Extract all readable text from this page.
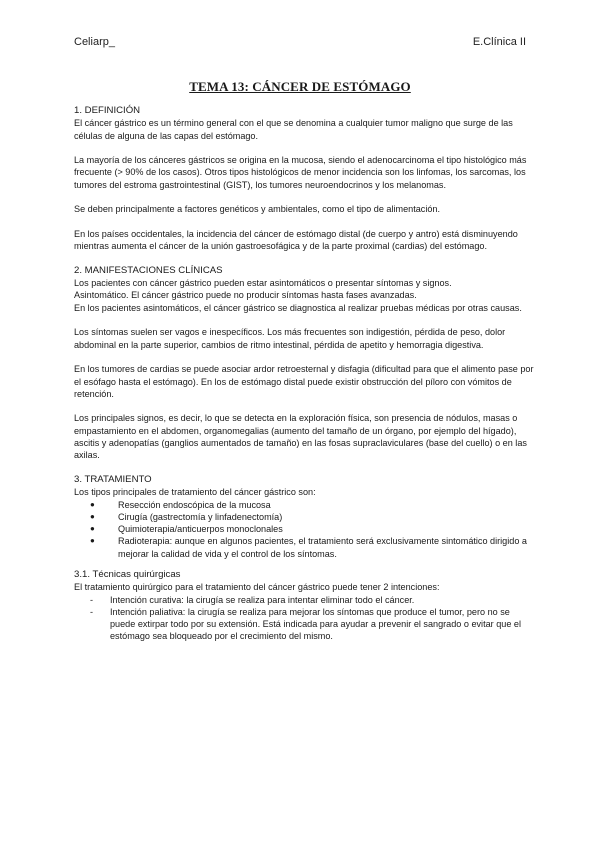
Celiarp_	E.Clínica II
TEMA 13: CÁNCER DE ESTÓMAGO
1. DEFINICIÓN

El cáncer gástrico es un término general con el que se denomina a cualquier tumor maligno que surge de las células de alguna de las capas del estómago.

La mayoría de los cánceres gástricos se origina en la mucosa, siendo el adenocarcinoma el tipo histológico más frecuente (> 90% de los casos). Otros tipos histológicos de menor incidencia son los linfomas, los sarcomas, los tumores del estroma gastrointestinal (GIST), los tumores neuroendocrinos y los melanomas.

Se deben principalmente a factores genéticos y ambientales, como el tipo de alimentación.

En los países occidentales, la incidencia del cáncer de estómago distal (de cuerpo y antro) está disminuyendo mientras aumenta el cáncer de la unión gastroesofágica y de la parte proximal (cardias) del estómago.

2. MANIFESTACIONES CLÍNICAS

Los pacientes con cáncer gástrico pueden estar asintomáticos o presentar síntomas y signos.

Asintomático. El cáncer gástrico puede no producir síntomas hasta fases avanzadas.

En los pacientes asintomáticos, el cáncer gástrico se diagnostica al realizar pruebas médicas por otras causas.

Los síntomas suelen ser vagos e inespecíficos. Los más frecuentes son indigestión, pérdida de peso, dolor abdominal en la parte superior, cambios de ritmo intestinal, pérdida de apetito y hemorragia digestiva.

En los tumores de cardias se puede asociar ardor retroesternal y disfagia (dificultad para que el alimento pase por el esófago hasta el estómago). En los de estómago distal puede existir obstrucción del píloro con vómitos de retención.

Los principales signos, es decir, lo que se detecta en la exploración física, son presencia de nódulos, masas o empastamiento en el abdomen, organomegalias (aumento del tamaño de un órgano, por ejemplo del hígado), ascitis y adenopatías (ganglios aumentados de tamaño) en las fosas supraclaviculares (base del cuello) o en las axilas.

3. TRATAMIENTO

Los tipos principales de tratamiento del cáncer gástrico son:

●	Resección endoscópica de la mucosa
●	Cirugía (gastrectomía y linfadenectomía)
●	Quimioterapia/anticuerpos monoclonales
●	Radioterapia: aunque en algunos pacientes, el tratamiento será exclusivamente sintomático dirigido a mejorar la calidad de vida y el control de los síntomas.
3.1. Técnicas quirúrgicas

El tratamiento quirúrgico para el tratamiento del cáncer gástrico puede tener 2 intenciones:

- Intención curativa: la cirugía se realiza para intentar eliminar todo el cáncer.
- Intención paliativa: la cirugía se realiza para mejorar los síntomas que produce el tumor, pero no se puede extirpar todo por su extensión. Está indicada para ayudar a prevenir el sangrado o evitar que el estómago sea bloqueado por el crecimiento del mismo.
